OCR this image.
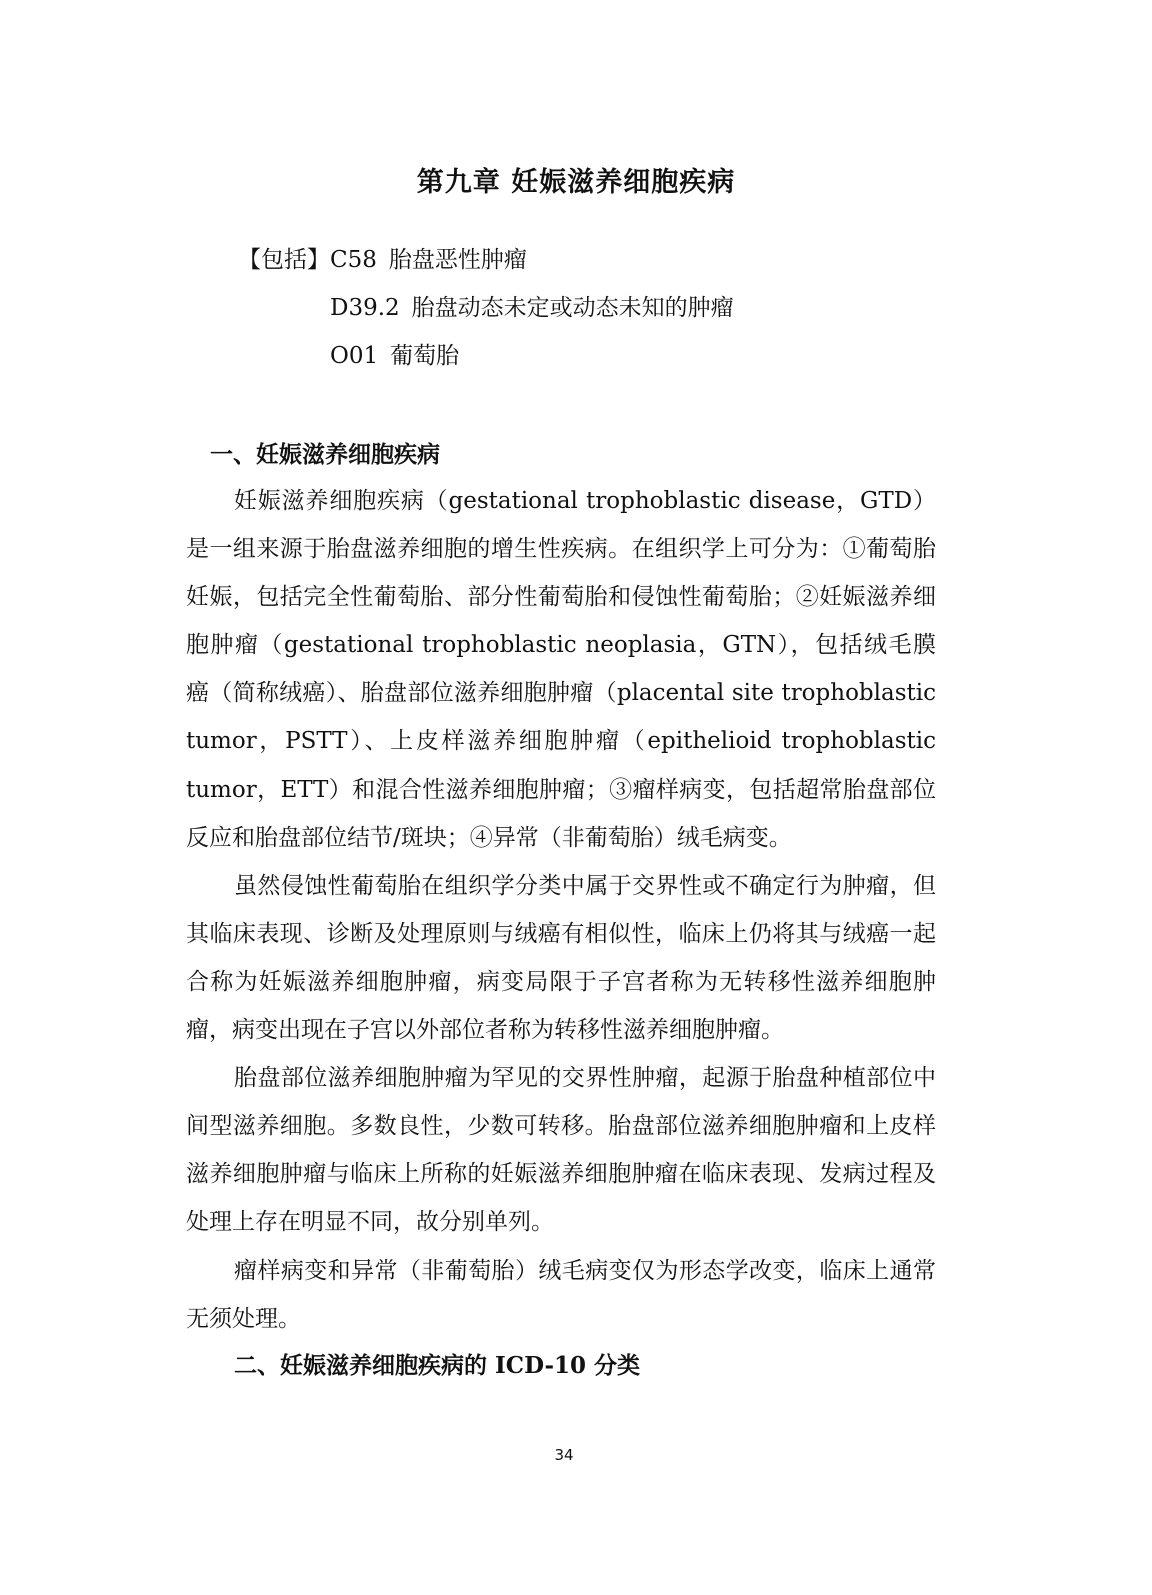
第九章 妊娠滋养细胞疾病
【包括】C58 胎盘恶性肿瘤
D39.2 胎盘动态未定或动态未知的肿瘤
O01 葡萄胎
一、妊娠滋养细胞疾病

妊娠滋养细胞疾病（gestational trophoblastic disease，GTD）是一组来源于胎盘滋养细胞的增生性疾病。在组织学上可分为：①葡萄胎妊娠，包括完全性葡萄胎、部分性葡萄胎和侵蚀性葡萄胎；②妊娠滋养细胞肿瘤（gestational trophoblastic neoplasia，GTN），包括绒毛膜癌（简称绒癌）、胎盘部位滋养细胞肿瘤（placental site trophoblastic tumor，PSTT）、上皮样滋养细胞肿瘤（epithelioid trophoblastic tumor，ETT）和混合性滋养细胞肿瘤；③瘤样病变，包括超常胎盘部位反应和胎盘部位结节/斑块；④异常（非葡萄胎）绒毛病变。

虽然侵蚀性葡萄胎在组织学分类中属于交界性或不确定行为肿瘤，但其临床表现、诊断及处理原则与绒癌有相似性，临床上仍将其与绒癌一起合称为妊娠滋养细胞肿瘤，病变局限于子宫者称为无转移性滋养细胞肿瘤，病变出现在子宫以外部位者称为转移性滋养细胞肿瘤。

胎盘部位滋养细胞肿瘤为罕见的交界性肿瘤，起源于胎盘种植部位中间型滋养细胞。多数良性，少数可转移。胎盘部位滋养细胞肿瘤和上皮样滋养细胞肿瘤与临床上所称的妊娠滋养细胞肿瘤在临床表现、发病过程及处理上存在明显不同，故分别单列。

瘤样病变和异常（非葡萄胎）绒毛病变仅为形态学改变，临床上通常无须处理。

二、妊娠滋养细胞疾病的 ICD-10 分类
34
